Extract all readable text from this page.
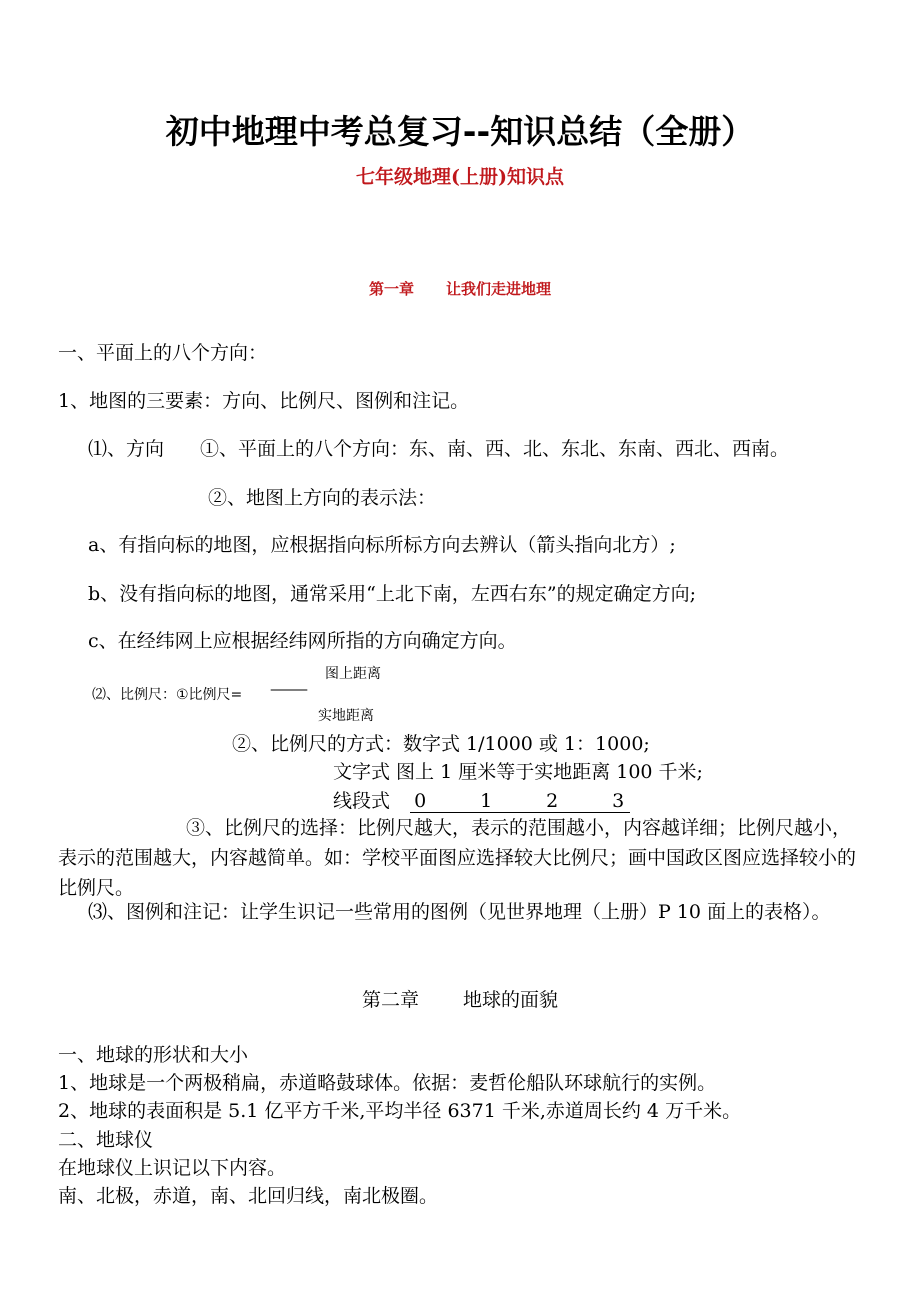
初中地理中考总复习--知识总结（全册）
七年级地理(上册)知识点
第一章 让我们走进地理
一、平面上的八个方向：
1、地图的三要素：方向、比例尺、图例和注记。
⑴、方向 ①、平面上的八个方向：东、南、西、北、东北、东南、西北、西南。
②、地图上方向的表示法：
a、有指向标的地图，应根据指向标所标方向去辨认（箭头指向北方）;
b、没有指向标的地图，通常采用“上北下南，左西右东”的规定确定方向;
c、在经纬网上应根据经纬网所指的方向确定方向。
图上距离
⑵、比例尺：①比例尺= ———
实地距离
②、比例尺的方式：数字式 1/1000 或 1：1000;
文字式 图上 1 厘米等于实地距离 100 千米;
线段式 0	1	2	3
③、比例尺的选择：比例尺越大，表示的范围越小，内容越详细；比例尺越小，表示的范围越大，内容越简单。如：学校平面图应选择较大比例尺；画中国政区图应选择较小的比例尺。
⑶、图例和注记：让学生识记一些常用的图例（见世界地理（上册）P 10 面上的表格）。
第二章 地球的面貌
一、地球的形状和大小
1、地球是一个两极稍扁，赤道略鼓球体。依据：麦哲伦船队环球航行的实例。
2、地球的表面积是 5.1 亿平方千米,平均半径 6371 千米,赤道周长约 4 万千米。
二、地球仪
在地球仪上识记以下内容。
南、北极，赤道，南、北回归线，南北极圈。
